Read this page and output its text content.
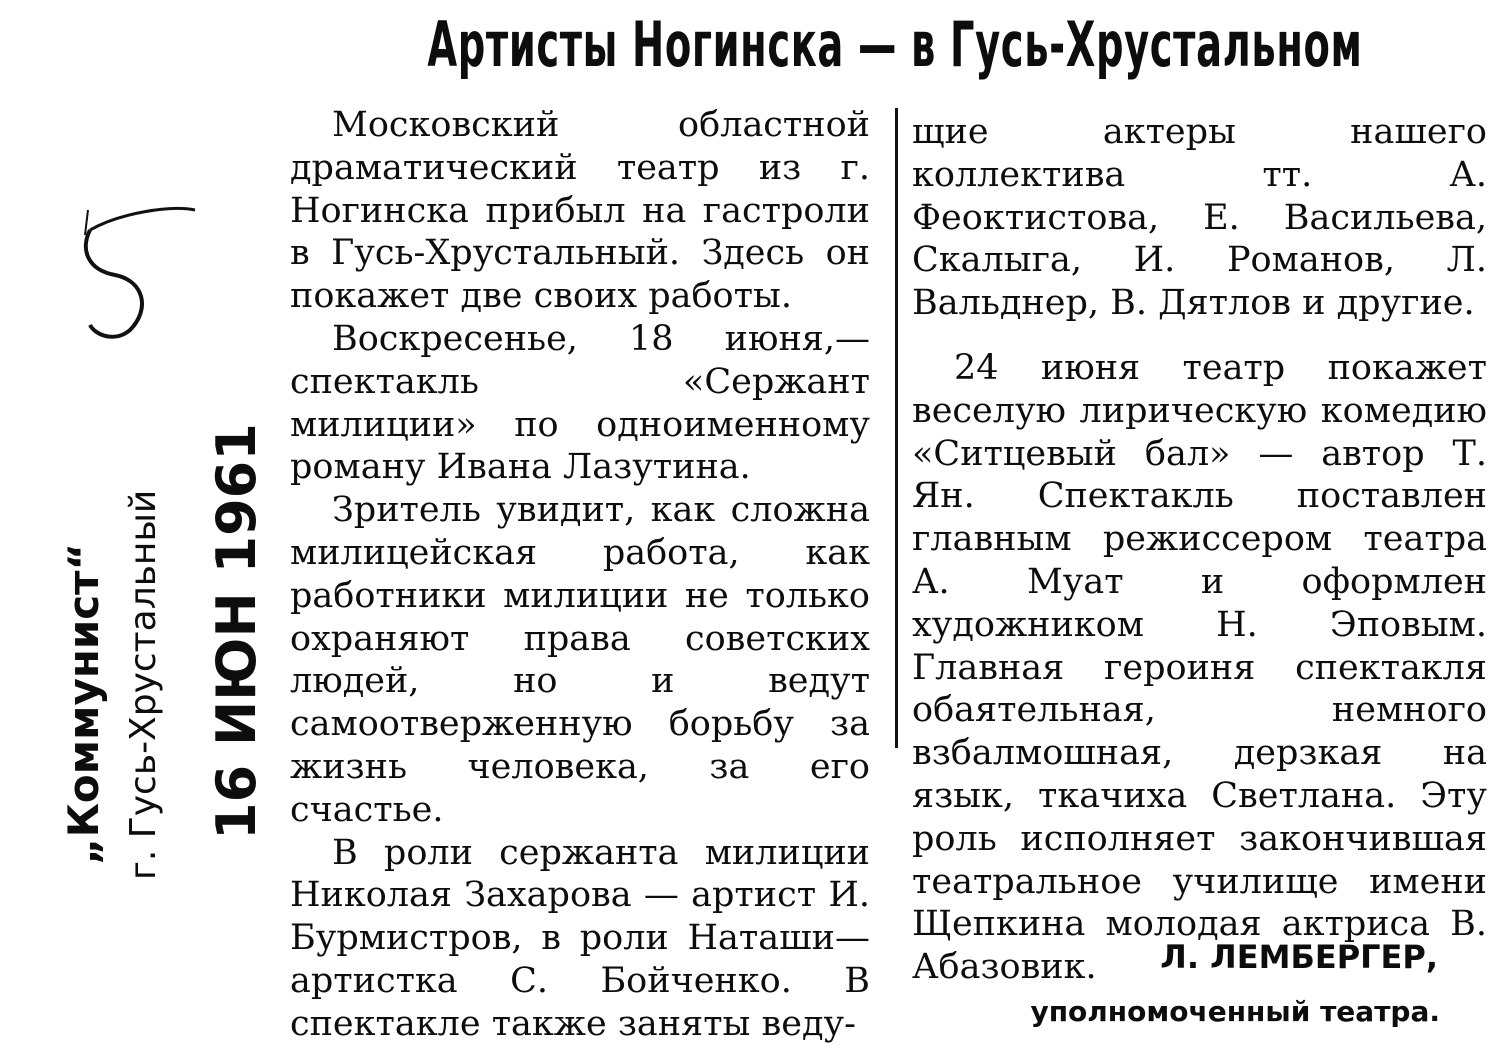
Артисты Ногинска — в Гусь-Хрустальном
„Коммунист“ г. Гусь-Хрустальный 16 ИЮН 1961

Московский областной драматический театр из г. Ногинска прибыл на гастроли в Гусь-Хрустальный. Здесь он покажет две своих работы.

Воскресенье, 18 июня,—спектакль «Сержант милиции» по одноименному роману Ивана Лазутина.

Зритель увидит, как сложна милицейская работа, как работники милиции не только охраняют права советских людей, но и ведут самоотверженную борьбу за жизнь человека, за его счастье.

В роли сержанта милиции Николая Захарова — артист И. Бурмистров, в роли Наташи—артистка С. Бойченко. В спектакле также заняты веду-

щие актеры нашего коллектива тт. А. Феоктистова, Е. Васильева, Скалыга, И. Романов, Л. Вальднер, В. Дятлов и другие.

24 июня театр покажет веселую лирическую комедию «Ситцевый бал» — автор Т. Ян. Спектакль поставлен главным режиссером театра А. Муат и оформлен художником Н. Эповым. Главная героиня спектакля обаятельная, немного взбалмошная, дерзкая на язык, ткачиха Светлана. Эту роль исполняет закончившая театральное училище имени Щепкина молодая актриса В. Абазовик.	Л. ЛЕМБЕРГЕР,
уполномоченный театра.
